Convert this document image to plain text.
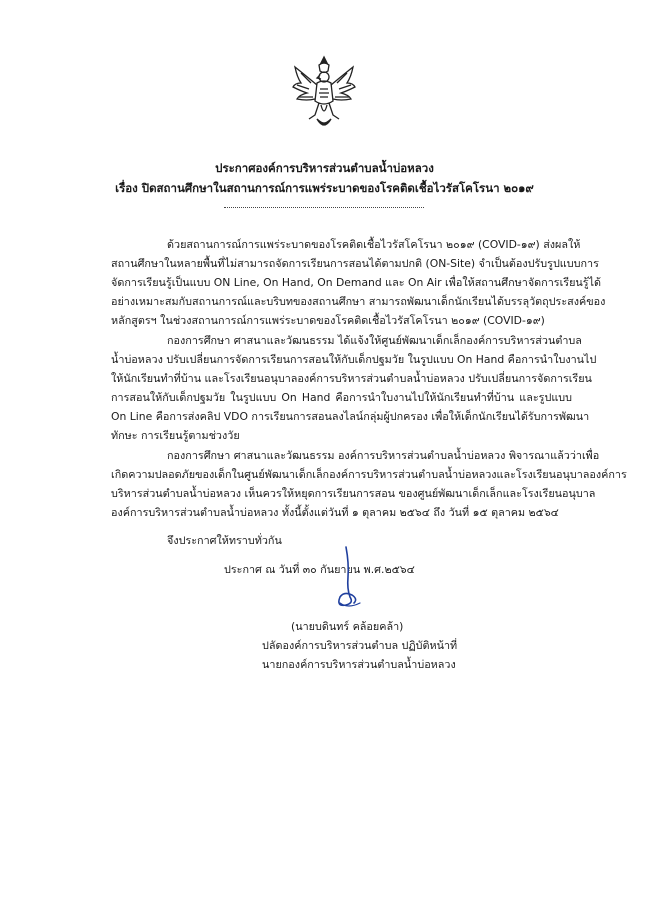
ประกาศองค์การบริหารส่วนตำบลน้ำบ่อหลวง
เรื่อง ปิดสถานศึกษาในสถานการณ์การแพร่ระบาดของโรคติดเชื้อไวรัสโคโรนา ๒๐๑๙
ด้วยสถานการณ์การแพร่ระบาดของโรคติดเชื้อไวรัสโคโรนา ๒๐๑๙ (COVID-๑๙) ส่งผลให้
สถานศึกษาในหลายพื้นที่ไม่สามารถจัดการเรียนการสอนได้ตามปกติ (ON-Site) จำเป็นต้องปรับรูปแบบการ
จัดการเรียนรู้เป็นแบบ ON Line, On Hand, On Demand และ On Air เพื่อให้สถานศึกษาจัดการเรียนรู้ได้
อย่างเหมาะสมกับสถานการณ์และบริบทของสถานศึกษา สามารถพัฒนาเด็กนักเรียนได้บรรลุวัตถุประสงค์ของ
หลักสูตรฯ ในช่วงสถานการณ์การแพร่ระบาดของโรคติดเชื้อไวรัสโคโรนา ๒๐๑๙ (COVID-๑๙)
กองการศึกษา ศาสนาและวัฒนธรรม ได้แจ้งให้ศูนย์พัฒนาเด็กเล็กองค์การบริหารส่วนตำบล
น้ำบ่อหลวง ปรับเปลี่ยนการจัดการเรียนการสอนให้กับเด็กปฐมวัย ในรูปแบบ On Hand คือการนำใบงานไป
ให้นักเรียนทำที่บ้าน และโรงเรียนอนุบาลองค์การบริหารส่วนตำบลน้ำบ่อหลวง ปรับเปลี่ยนการจัดการเรียน
การสอนให้กับเด็กปฐมวัย ในรูปแบบ On Hand คือการนำใบงานไปให้นักเรียนทำที่บ้าน และรูปแบบ
On Line คือการส่งคลิป VDO การเรียนการสอนลงไลน์กลุ่มผู้ปกครอง เพื่อให้เด็กนักเรียนได้รับการพัฒนา
ทักษะ การเรียนรู้ตามช่วงวัย
กองการศึกษา ศาสนาและวัฒนธรรม องค์การบริหารส่วนตำบลน้ำบ่อหลวง พิจารณาแล้วว่าเพื่อ
เกิดความปลอดภัยของเด็กในศูนย์พัฒนาเด็กเล็กองค์การบริหารส่วนตำบลน้ำบ่อหลวงและโรงเรียนอนุบาลองค์การ
บริหารส่วนตำบลน้ำบ่อหลวง เห็นควรให้หยุดการเรียนการสอน ของศูนย์พัฒนาเด็กเล็กและโรงเรียนอนุบาล
องค์การบริหารส่วนตำบลน้ำบ่อหลวง ทั้งนี้ตั้งแต่วันที่ ๑ ตุลาคม ๒๕๖๔ ถึง วันที่ ๑๕ ตุลาคม ๒๕๖๔
จึงประกาศให้ทราบทั่วกัน
ประกาศ ณ วันที่ ๓๐ กันยายน พ.ศ.๒๕๖๔
(นายบดินทร์ คล้อยคล้า)
ปลัดองค์การบริหารส่วนตำบล ปฏิบัติหน้าที่
นายกองค์การบริหารส่วนตำบลน้ำบ่อหลวง
